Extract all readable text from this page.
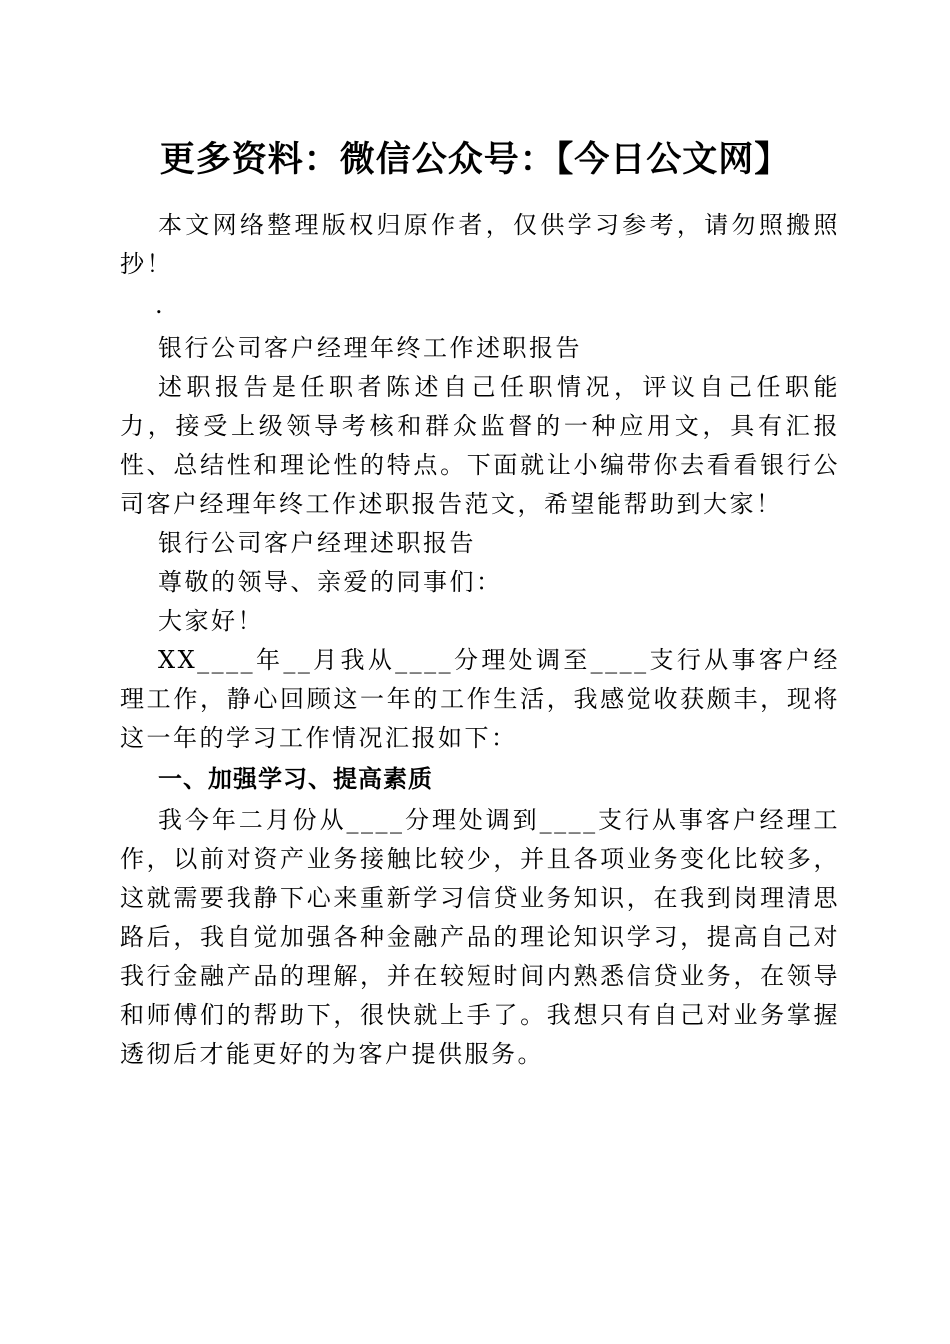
更多资料：微信公众号：【今日公文网】

本文网络整理版权归原作者，仅供学习参考，请勿照搬照抄！

.

银行公司客户经理年终工作述职报告

述职报告是任职者陈述自己任职情况，评议自己任职能力，接受上级领导考核和群众监督的一种应用文，具有汇报性、总结性和理论性的特点。下面就让小编带你去看看银行公司客户经理年终工作述职报告范文，希望能帮助到大家！

银行公司客户经理述职报告

尊敬的领导、亲爱的同事们：

大家好！

XX____年__月我从____分理处调至____支行从事客户经理工作，静心回顾这一年的工作生活，我感觉收获颇丰，现将这一年的学习工作情况汇报如下：

一、加强学习、提高素质

我今年二月份从____分理处调到____支行从事客户经理工作，以前对资产业务接触比较少，并且各项业务变化比较多，这就需要我静下心来重新学习信贷业务知识，在我到岗理清思路后，我自觉加强各种金融产品的理论知识学习，提高自己对我行金融产品的理解，并在较短时间内熟悉信贷业务，在领导和师傅们的帮助下，很快就上手了。我想只有自己对业务掌握透彻后才能更好的为客户提供服务。
